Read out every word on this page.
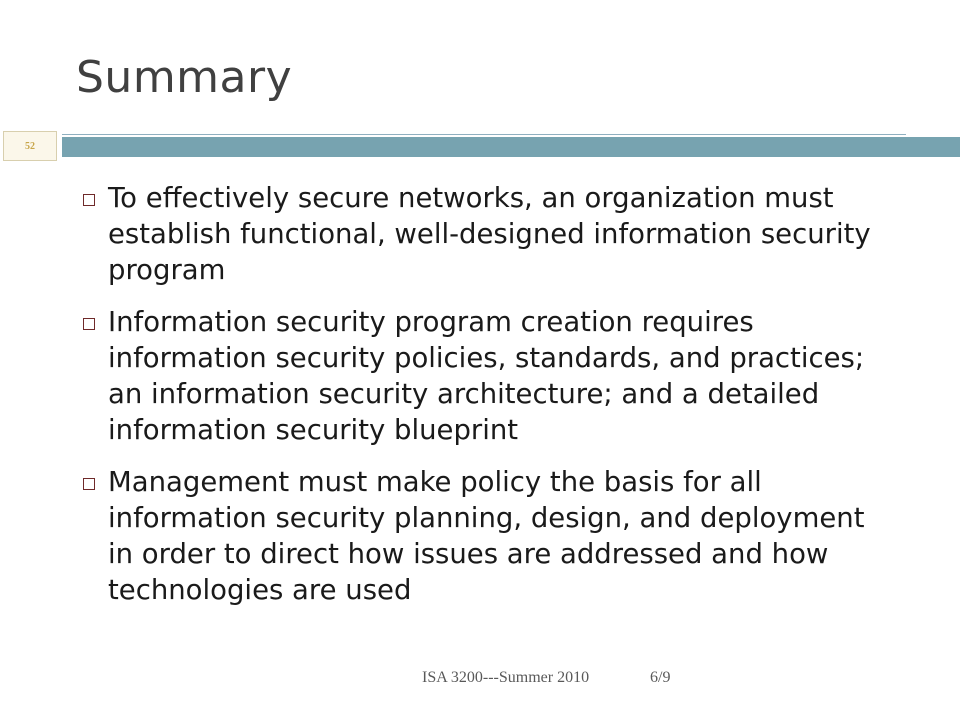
Summary
52
To effectively secure networks, an organization must establish functional, well-designed information security program
Information security program creation requires information security policies, standards, and practices; an information security architecture; and a detailed information security blueprint
Management must make policy the basis for all information security planning, design, and deployment in order to direct how issues are addressed and how technologies are used
ISA 3200---Summer 2010	6/9
